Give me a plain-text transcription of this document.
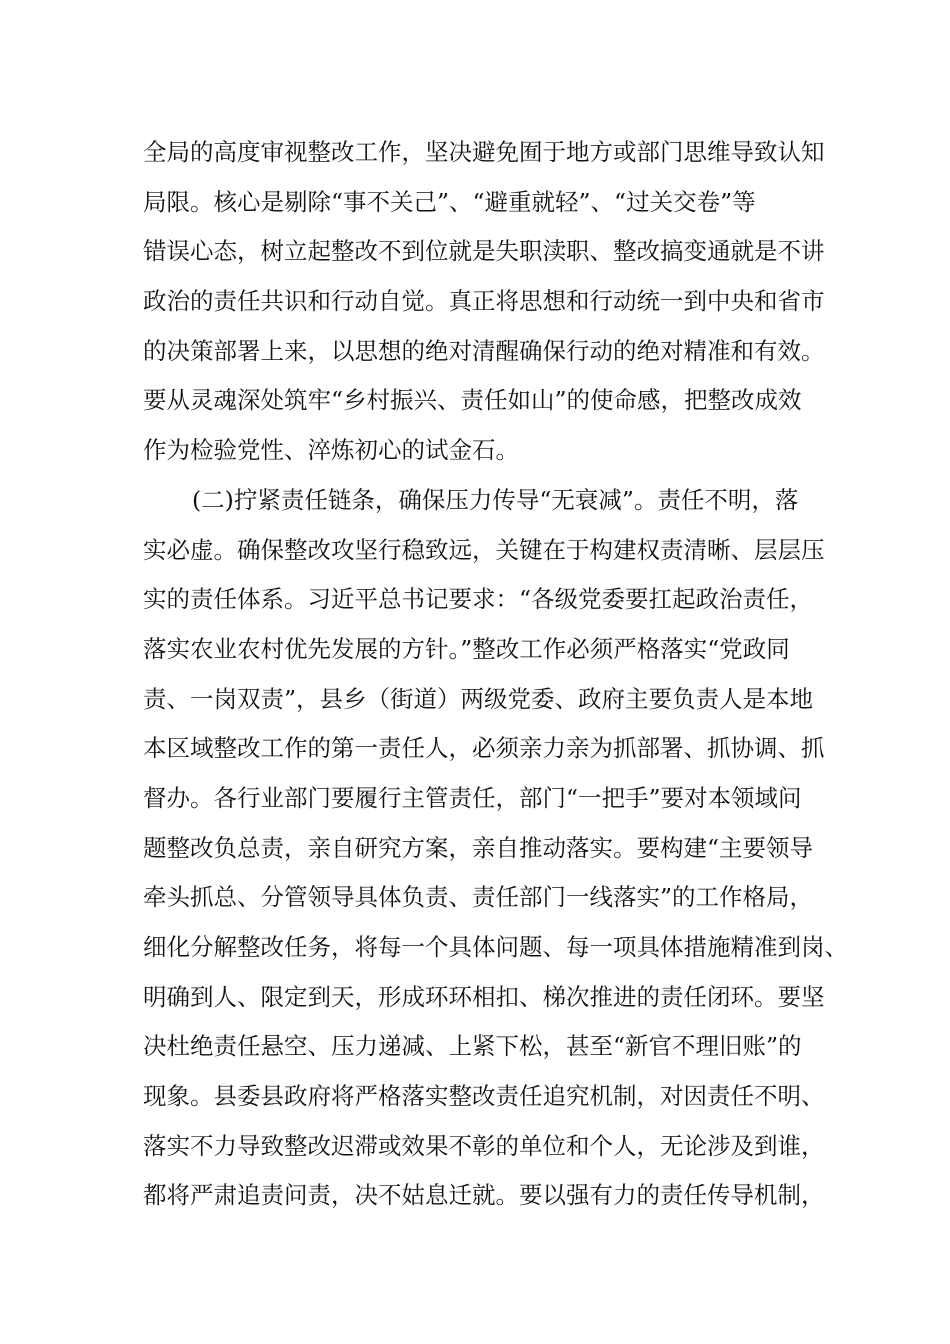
全局的高度审视整改工作，坚决避免囿于地方或部门思维导致认知
局限。核心是剔除“事不关己”、“避重就轻”、“过关交卷”等
错误心态，树立起整改不到位就是失职渎职、整改搞变通就是不讲
政治的责任共识和行动自觉。真正将思想和行动统一到中央和省市
的决策部署上来，以思想的绝对清醒确保行动的绝对精准和有效。
要从灵魂深处筑牢“乡村振兴、责任如山”的使命感，把整改成效
作为检验党性、淬炼初心的试金石。
(二)拧紧责任链条，确保压力传导“无衰减”。责任不明，落
实必虚。确保整改攻坚行稳致远，关键在于构建权责清晰、层层压
实的责任体系。习近平总书记要求：“各级党委要扛起政治责任，
落实农业农村优先发展的方针。”整改工作必须严格落实“党政同
责、一岗双责”，县乡（街道）两级党委、政府主要负责人是本地
本区域整改工作的第一责任人，必须亲力亲为抓部署、抓协调、抓
督办。各行业部门要履行主管责任，部门“一把手”要对本领域问
题整改负总责，亲自研究方案，亲自推动落实。要构建“主要领导
牵头抓总、分管领导具体负责、责任部门一线落实”的工作格局，
细化分解整改任务，将每一个具体问题、每一项具体措施精准到岗、
明确到人、限定到天，形成环环相扣、梯次推进的责任闭环。要坚
决杜绝责任悬空、压力递减、上紧下松，甚至“新官不理旧账”的
现象。县委县政府将严格落实整改责任追究机制，对因责任不明、
落实不力导致整改迟滞或效果不彰的单位和个人，无论涉及到谁，
都将严肃追责问责，决不姑息迁就。要以强有力的责任传导机制，
